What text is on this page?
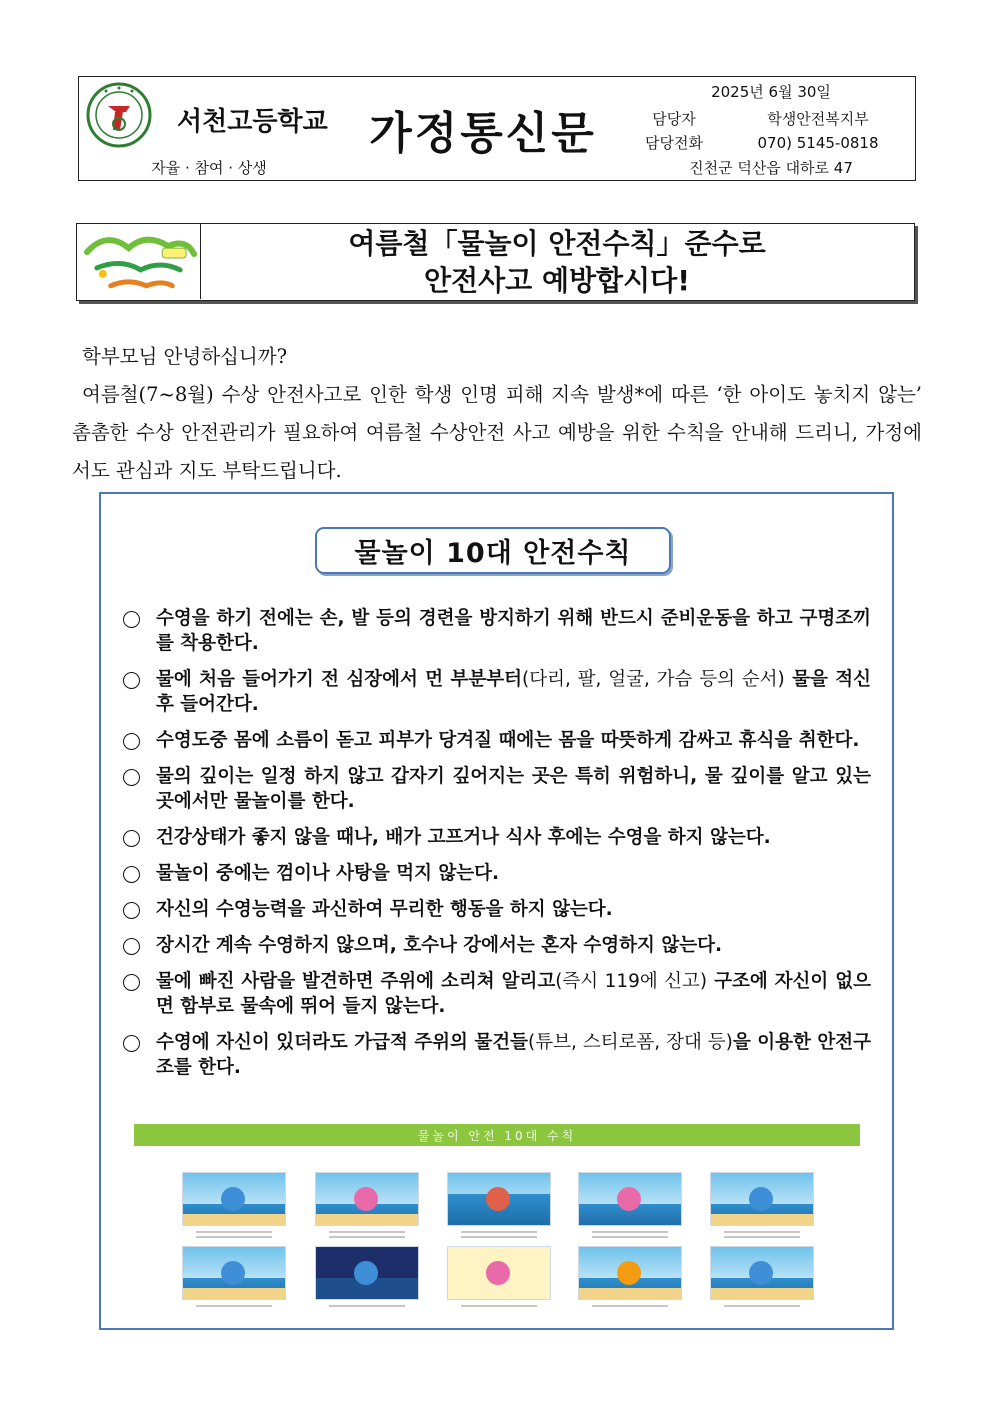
서천고등학교
자율 · 참여 · 상생
가정통신문
2025년 6월 30일
담당자	학생안전복지부
담당전화	070) 5145-0818
진천군 덕산읍 대하로 47
여름철「물놀이 안전수칙」준수로
안전사고 예방합시다!

학부모님 안녕하십니까?

여름철(7~8월) 수상 안전사고로 인한 학생 인명 피해 지속 발생*에 따른 ‘한 아이도 놓치지 않는’ 촘촘한 수상 안전관리가 필요하여 여름철 수상안전 사고 예방을 위한 수칙을 안내해 드리니, 가정에서도 관심과 지도 부탁드립니다.

물놀이 10대 안전수칙
수영을 하기 전에는 손, 발 등의 경련을 방지하기 위해 반드시 준비운동을 하고 구명조끼를 착용한다.
물에 처음 들어가기 전 심장에서 먼 부분부터(다리, 팔, 얼굴, 가슴 등의 순서) 물을 적신 후 들어간다.
수영도중 몸에 소름이 돋고 피부가 당겨질 때에는 몸을 따뜻하게 감싸고 휴식을 취한다.
물의 깊이는 일정 하지 않고 갑자기 깊어지는 곳은 특히 위험하니, 물 깊이를 알고 있는 곳에서만 물놀이를 한다.
건강상태가 좋지 않을 때나, 배가 고프거나 식사 후에는 수영을 하지 않는다.
물놀이 중에는 껌이나 사탕을 먹지 않는다.
자신의 수영능력을 과신하여 무리한 행동을 하지 않는다.
장시간 계속 수영하지 않으며, 호수나 강에서는 혼자 수영하지 않는다.
물에 빠진 사람을 발견하면 주위에 소리쳐 알리고(즉시 119에 신고) 구조에 자신이 없으면 함부로 물속에 뛰어 들지 않는다.
수영에 자신이 있더라도 가급적 주위의 물건들(튜브, 스티로폼, 장대 등)을 이용한 안전구조를 한다.
물놀이 안전 10대 수칙
